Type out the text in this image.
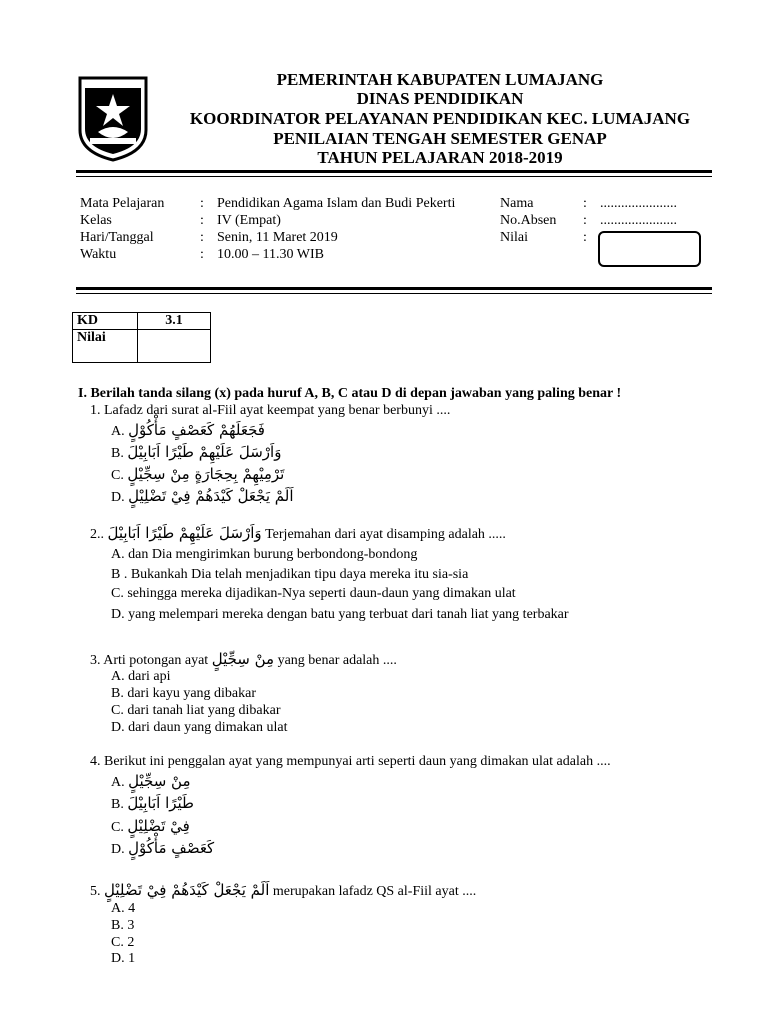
PEMERINTAH KABUPATEN LUMAJANG
DINAS PENDIDIKAN
KOORDINATOR PELAYANAN PENDIDIKAN KEC. LUMAJANG
PENILAIAN TENGAH SEMESTER GENAP
TAHUN PELAJARAN 2018-2019
Mata Pelajaran	: Pendidikan Agama Islam dan Budi Pekerti
Kelas	: IV (Empat)
Hari/Tanggal	: Senin, 11 Maret 2019
Waktu	: 10.00 – 11.30 WIB
Nama	: ......................
No.Absen : ......................
Nilai	:
KD	3.1
Nilai	
I. Berilah tanda silang (x) pada huruf A, B, C atau D di depan jawaban yang paling benar !
1. Lafadz dari surat al-Fiil ayat keempat yang benar berbunyi ....
A. فَجَعَلَهُمْ كَعَصْفٍ مَأْكُوْلٍ
B. وَاَرْسَلَ عَلَيْهِمْ طَيْرًا اَبَابِيْلَ
C. تَرْمِيْهِمْ بِحِجَارَةٍ مِنْ سِجِّيْلٍ
D. اَلَمْ يَجْعَلْ كَيْدَهُمْ فِيْ تَضْلِيْلٍ
2.. وَاَرْسَلَ عَلَيْهِمْ طَيْرًا اَبَابِيْلَ Terjemahan dari ayat disamping adalah .....
A. dan Dia mengirimkan burung berbondong-bondong
B . Bukankah Dia telah menjadikan tipu daya mereka itu sia-sia
C. sehingga mereka dijadikan-Nya seperti daun-daun yang dimakan ulat
D. yang melempari mereka dengan batu yang terbuat dari tanah liat yang terbakar
3. Arti potongan ayat مِنْ سِجِّيْلٍ yang benar adalah ....
A. dari api
B. dari kayu yang dibakar
C. dari tanah liat yang dibakar
D. dari daun yang dimakan ulat
4. Berikut ini penggalan ayat yang mempunyai arti seperti daun yang dimakan ulat adalah ....
A. مِنْ سِجِّيْلٍ
B. طَيْرًا اَبَابِيْلَ
C. فِيْ تَضْلِيْلٍ
D. كَعَصْفٍ مَأْكُوْلٍ
5. اَلَمْ يَجْعَلْ كَيْدَهُمْ فِيْ تَضْلِيْلٍ merupakan lafadz QS al-Fiil ayat ....
A. 4
B. 3
C. 2
D. 1
